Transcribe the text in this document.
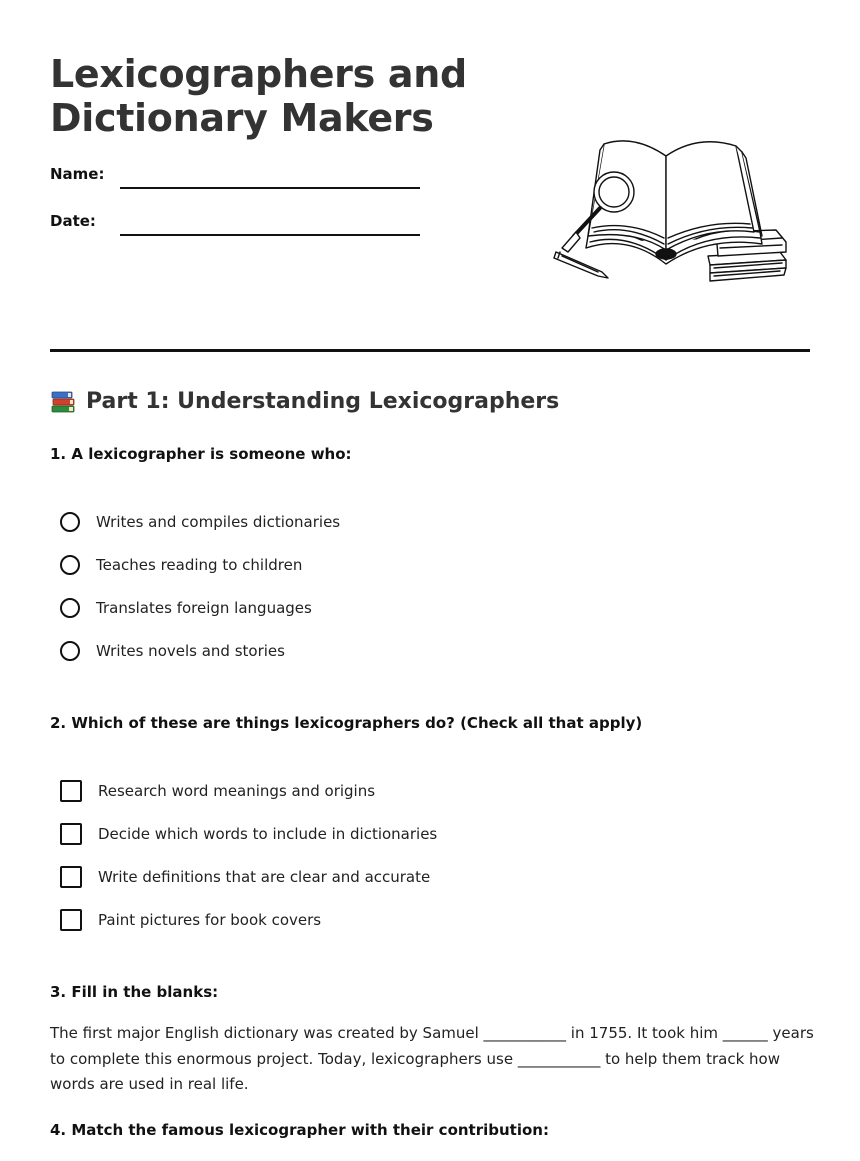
Lexicographers and
Dictionary Makers
Name:
Date:
Part 1: Understanding Lexicographers

1. A lexicographer is someone who:

Writes and compiles dictionaries
Teaches reading to children
Translates foreign languages
Writes novels and stories

2. Which of these are things lexicographers do? (Check all that apply)

Research word meanings and origins
Decide which words to include in dictionaries
Write definitions that are clear and accurate
Paint pictures for book covers

3. Fill in the blanks:

The first major English dictionary was created by Samuel ___________ in 1755. It took him ______ years to complete this enormous project. Today, lexicographers use ___________ to help them track how words are used in real life.

4. Match the famous lexicographer with their contribution:
